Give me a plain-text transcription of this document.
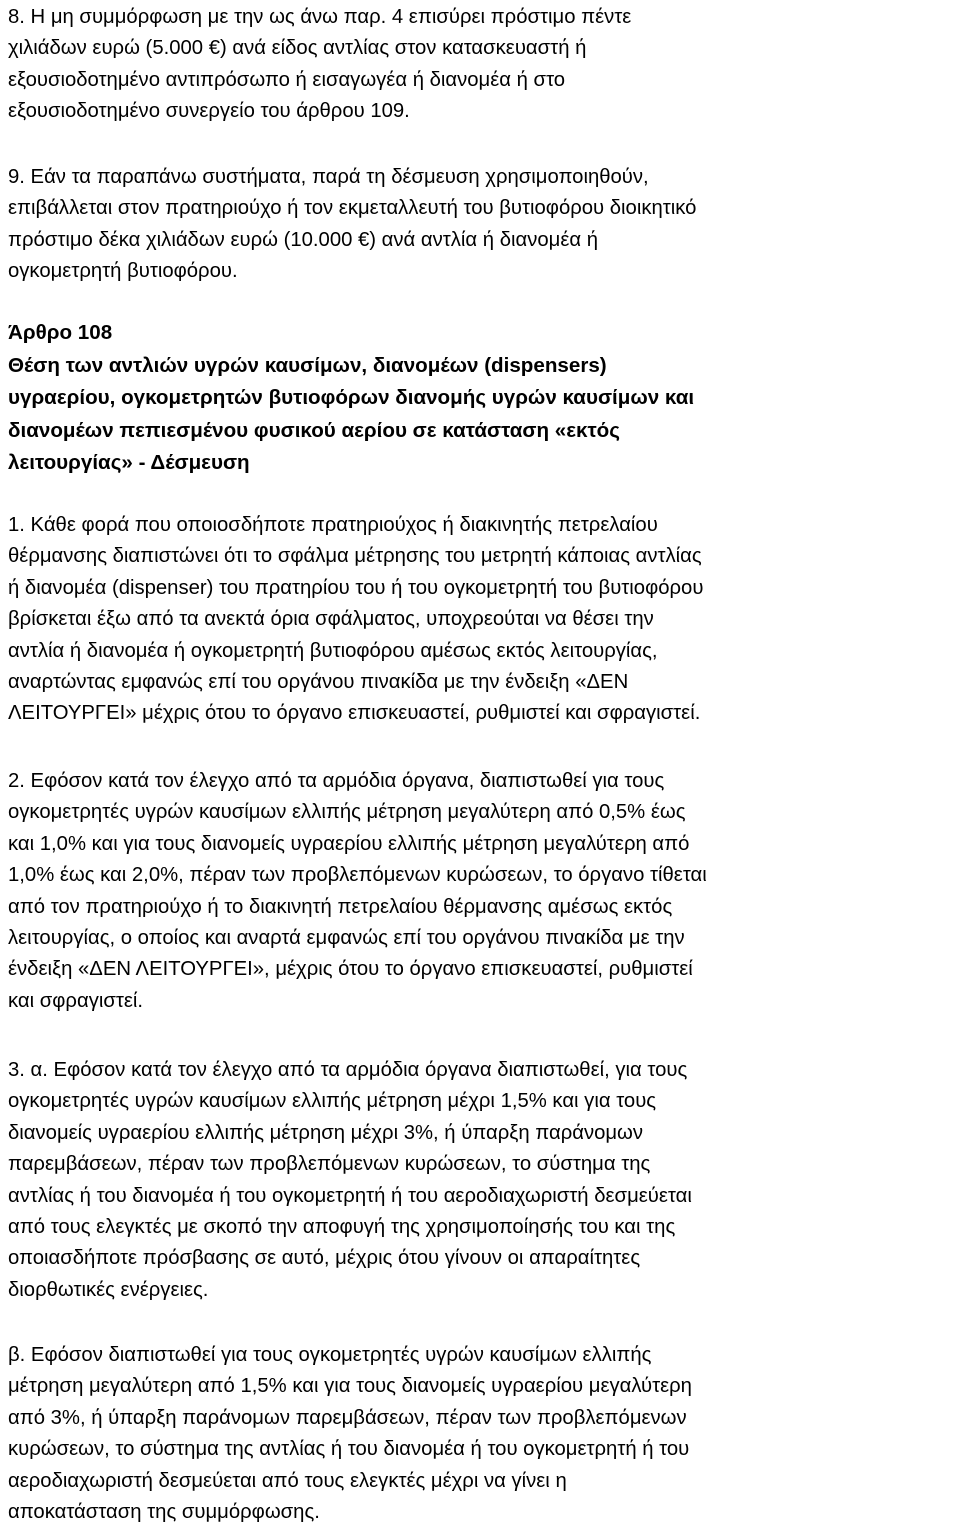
8. Η μη συμμόρφωση με την ως άνω παρ. 4 επισύρει πρόστιμο πέντε
χιλιάδων ευρώ (5.000 €) ανά είδος αντλίας στον κατασκευαστή ή
εξουσιοδοτημένο αντιπρόσωπο ή εισαγωγέα ή διανομέα ή στο
εξουσιοδοτημένο συνεργείο του άρθρου 109.

9. Εάν τα παραπάνω συστήματα, παρά τη δέσμευση χρησιμοποιηθούν,
επιβάλλεται στον πρατηριούχο ή τον εκμεταλλευτή του βυτιοφόρου διοικητικό
πρόστιμο δέκα χιλιάδων ευρώ (10.000 €) ανά αντλία ή διανομέα ή
ογκομετρητή βυτιοφόρου.

Άρθρο 108
Θέση των αντλιών υγρών καυσίμων, διανομέων (dispensers)
υγραερίου, ογκομετρητών βυτιοφόρων διανομής υγρών καυσίμων και
διανομέων πεπιεσμένου φυσικού αερίου σε κατάσταση «εκτός
λειτουργίας» - Δέσμευση

1. Κάθε φορά που οποιοσδήποτε πρατηριούχος ή διακινητής πετρελαίου
θέρμανσης διαπιστώνει ότι το σφάλμα μέτρησης του μετρητή κάποιας αντλίας
ή διανομέα (dispenser) του πρατηρίου του ή του ογκομετρητή του βυτιοφόρου
βρίσκεται έξω από τα ανεκτά όρια σφάλματος, υποχρεούται να θέσει την
αντλία ή διανομέα ή ογκομετρητή βυτιοφόρου αμέσως εκτός λειτουργίας,
αναρτώντας εμφανώς επί του οργάνου πινακίδα με την ένδειξη «ΔΕΝ
ΛΕΙΤΟΥΡΓΕΙ» μέχρις ότου το όργανο επισκευαστεί, ρυθμιστεί και σφραγιστεί.

2. Εφόσον κατά τον έλεγχο από τα αρμόδια όργανα, διαπιστωθεί για τους
ογκομετρητές υγρών καυσίμων ελλιπής μέτρηση μεγαλύτερη από 0,5% έως
και 1,0% και για τους διανομείς υγραερίου ελλιπής μέτρηση μεγαλύτερη από
1,0% έως και 2,0%, πέραν των προβλεπόμενων κυρώσεων, το όργανο τίθεται
από τον πρατηριούχο ή το διακινητή πετρελαίου θέρμανσης αμέσως εκτός
λειτουργίας, ο οποίος και αναρτά εμφανώς επί του οργάνου πινακίδα με την
ένδειξη «ΔΕΝ ΛΕΙΤΟΥΡΓΕΙ», μέχρις ότου το όργανο επισκευαστεί, ρυθμιστεί
και σφραγιστεί.

3. α. Εφόσον κατά τον έλεγχο από τα αρμόδια όργανα διαπιστωθεί, για τους
ογκομετρητές υγρών καυσίμων ελλιπής μέτρηση μέχρι 1,5% και για τους
διανομείς υγραερίου ελλιπής μέτρηση μέχρι 3%, ή ύπαρξη παράνομων
παρεμβάσεων, πέραν των προβλεπόμενων κυρώσεων, το σύστημα της
αντλίας ή του διανομέα ή του ογκομετρητή ή του αεροδιαχωριστή δεσμεύεται
από τους ελεγκτές με σκοπό την αποφυγή της χρησιμοποίησής του και της
οποιασδήποτε πρόσβασης σε αυτό, μέχρις ότου γίνουν οι απαραίτητες
διορθωτικές ενέργειες.

β. Εφόσον διαπιστωθεί για τους ογκομετρητές υγρών καυσίμων ελλιπής
μέτρηση μεγαλύτερη από 1,5% και για τους διανομείς υγραερίου μεγαλύτερη
από 3%, ή ύπαρξη παράνομων παρεμβάσεων, πέραν των προβλεπόμενων
κυρώσεων, το σύστημα της αντλίας ή του διανομέα ή του ογκομετρητή ή του
αεροδιαχωριστή δεσμεύεται από τους ελεγκτές μέχρι να γίνει η
αποκατάσταση της συμμόρφωσης.
